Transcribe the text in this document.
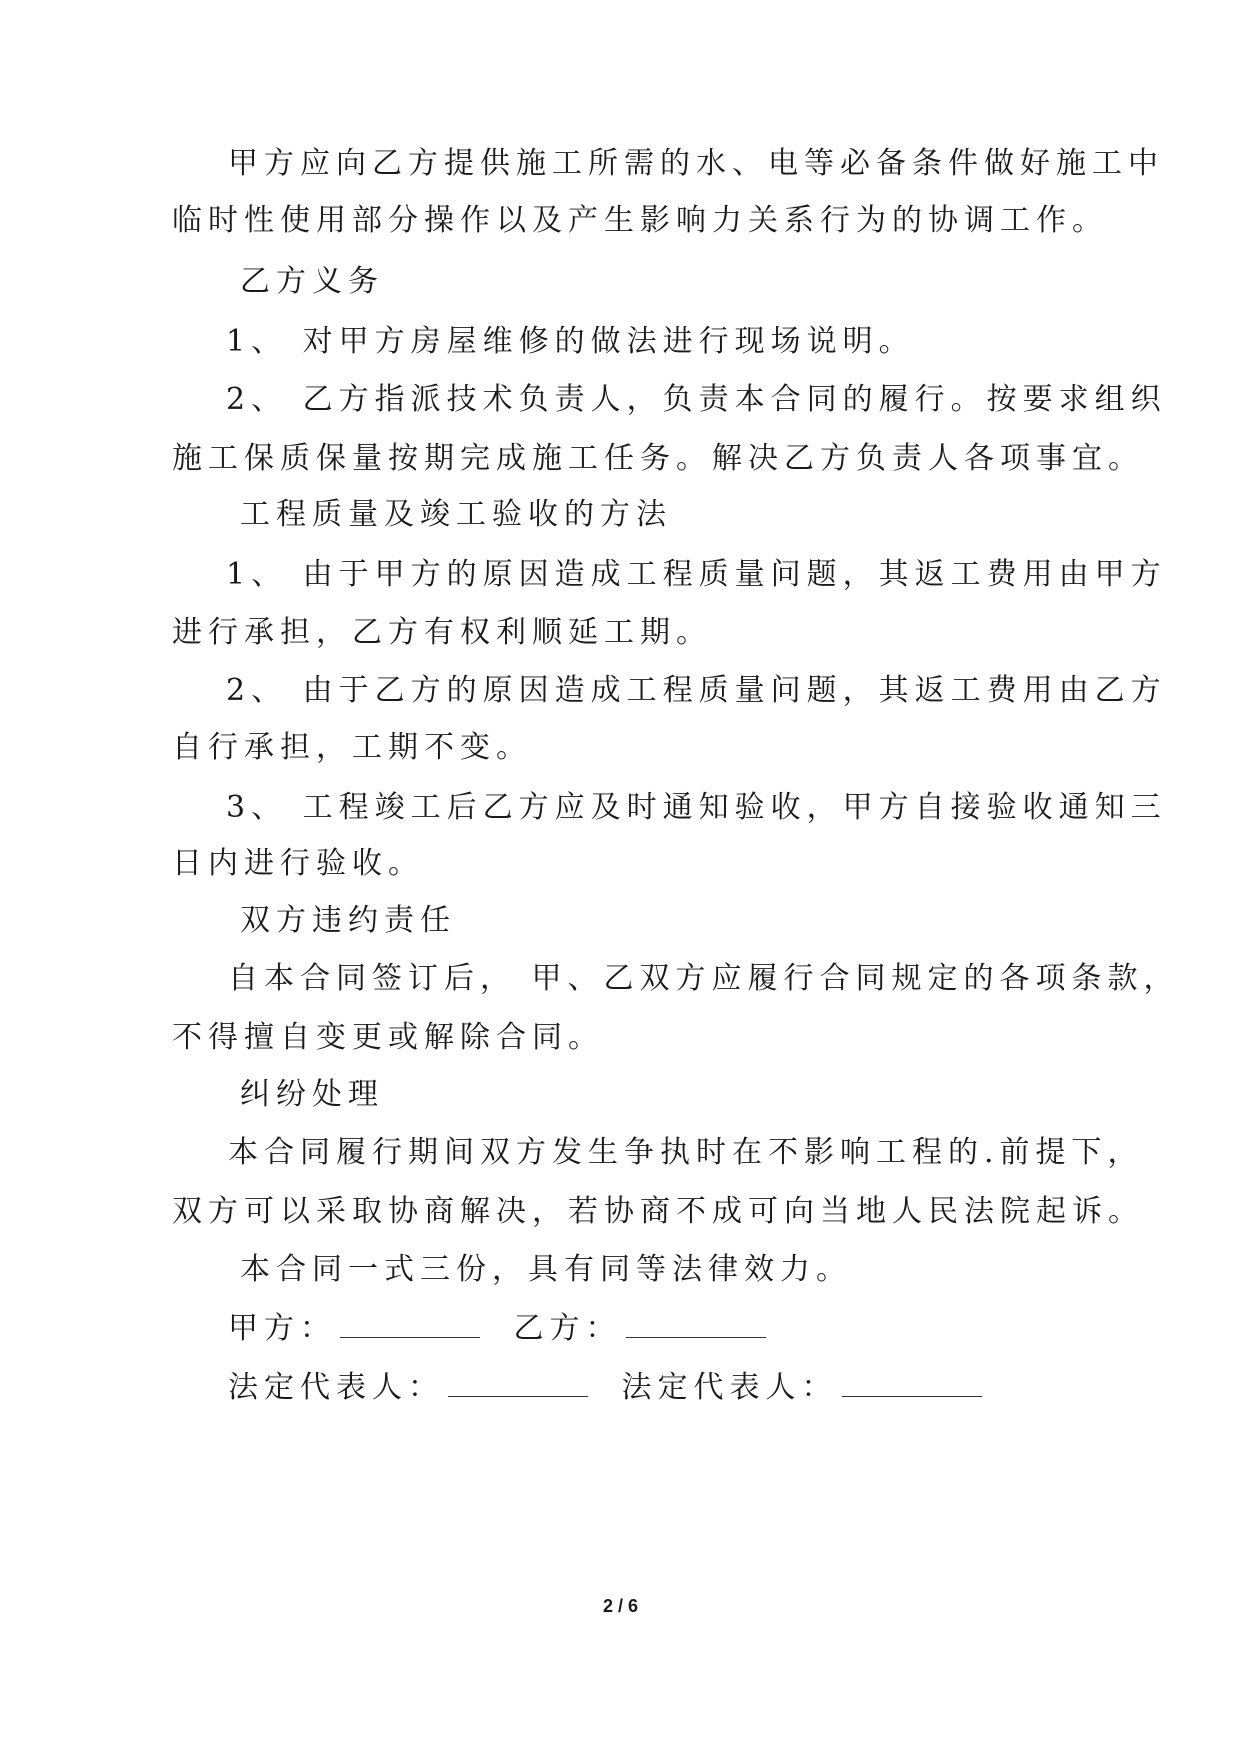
甲方应向乙方提供施工所需的水、电等必备条件做好施工中
临时性使用部分操作以及产生影响力关系行为的协调工作。
乙方义务
1、 对甲方房屋维修的做法进行现场说明。
2、 乙方指派技术负责人，负责本合同的履行。按要求组织
施工保质保量按期完成施工任务。解决乙方负责人各项事宜。
工程质量及竣工验收的方法
1、 由于甲方的原因造成工程质量问题，其返工费用由甲方
进行承担，乙方有权利顺延工期。
2、 由于乙方的原因造成工程质量问题，其返工费用由乙方
自行承担，工期不变。
3、 工程竣工后乙方应及时通知验收，甲方自接验收通知三
日内进行验收。
双方违约责任
自本合同签订后， 甲、乙双方应履行合同规定的各项条款，
不得擅自变更或解除合同。
纠纷处理
本合同履行期间双方发生争执时在不影响工程的.前提下，
双方可以采取协商解决，若协商不成可向当地人民法院起诉。
本合同一式三份，具有同等法律效力。
甲方：	乙方：
法定代表人：	法定代表人：
2 / 6
